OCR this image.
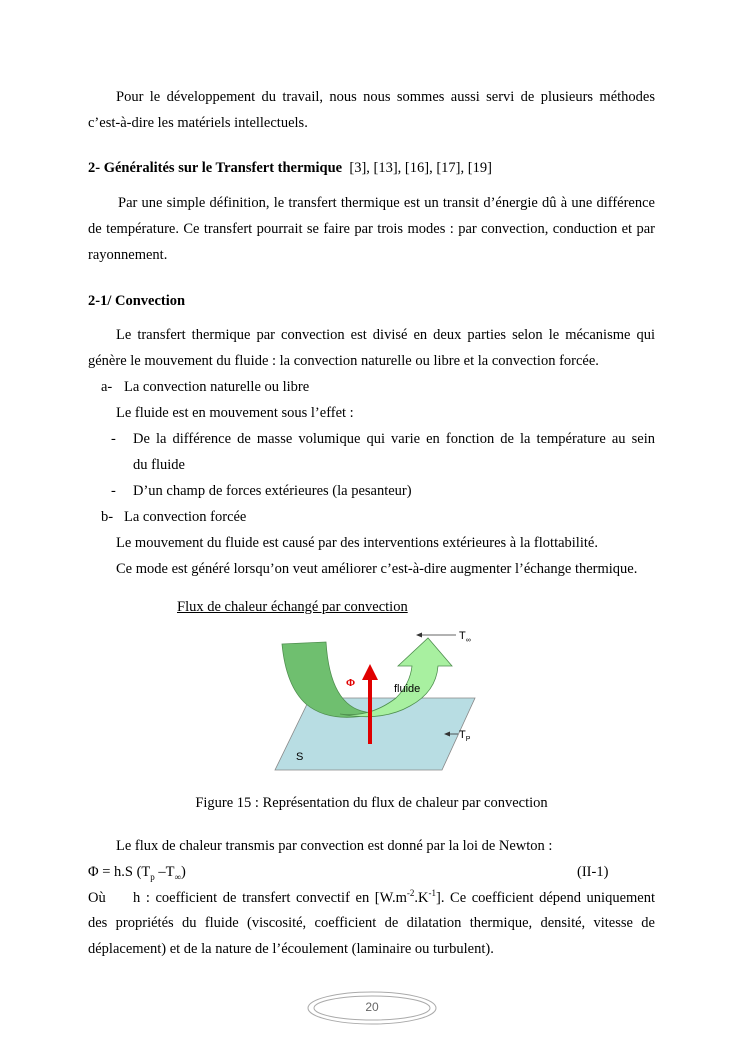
Pour le développement du travail, nous nous sommes aussi servi de plusieurs méthodes c’est-à-dire les matériels intellectuels.
2- Généralités sur le Transfert thermique [3], [13], [16], [17], [19]
Par une simple définition, le transfert thermique est un transit d’énergie dû à une différence de température. Ce transfert pourrait se faire par trois modes : par convection, conduction et par rayonnement.
2-1/ Convection
Le transfert thermique par convection est divisé en deux parties selon le mécanisme qui génère le mouvement du fluide : la convection naturelle ou libre et la convection forcée.
a- La convection naturelle ou libre
Le fluide est en mouvement sous l’effet :
- De la différence de masse volumique qui varie en fonction de la température au sein
du fluide
- D’un champ de forces extérieures (la pesanteur)
b- La convection forcée
Le mouvement du fluide est causé par des interventions extérieures à la flottabilité.
Ce mode est généré lorsqu’on veut améliorer c’est-à-dire augmenter l’échange thermique.
Flux de chaleur échangé par convection
$T_\infty$
$T_P$
Φ	fluide
S
Figure 15 : Représentation du flux de chaleur par convection
Le flux de chaleur transmis par convection est donné par la loi de Newton :
Φ = h.S ($T_p$ $-T_\infty$)	(II-1)
Où h : coefficient de transfert convectif en $[W.m^{-2}.K^{-1}]$. Ce coefficient dépend uniquement
des propriétés du fluide (viscosité, coefficient de dilatation thermique, densité, vitesse de déplacement) et de la nature de l’écoulement (laminaire ou turbulent).
20
